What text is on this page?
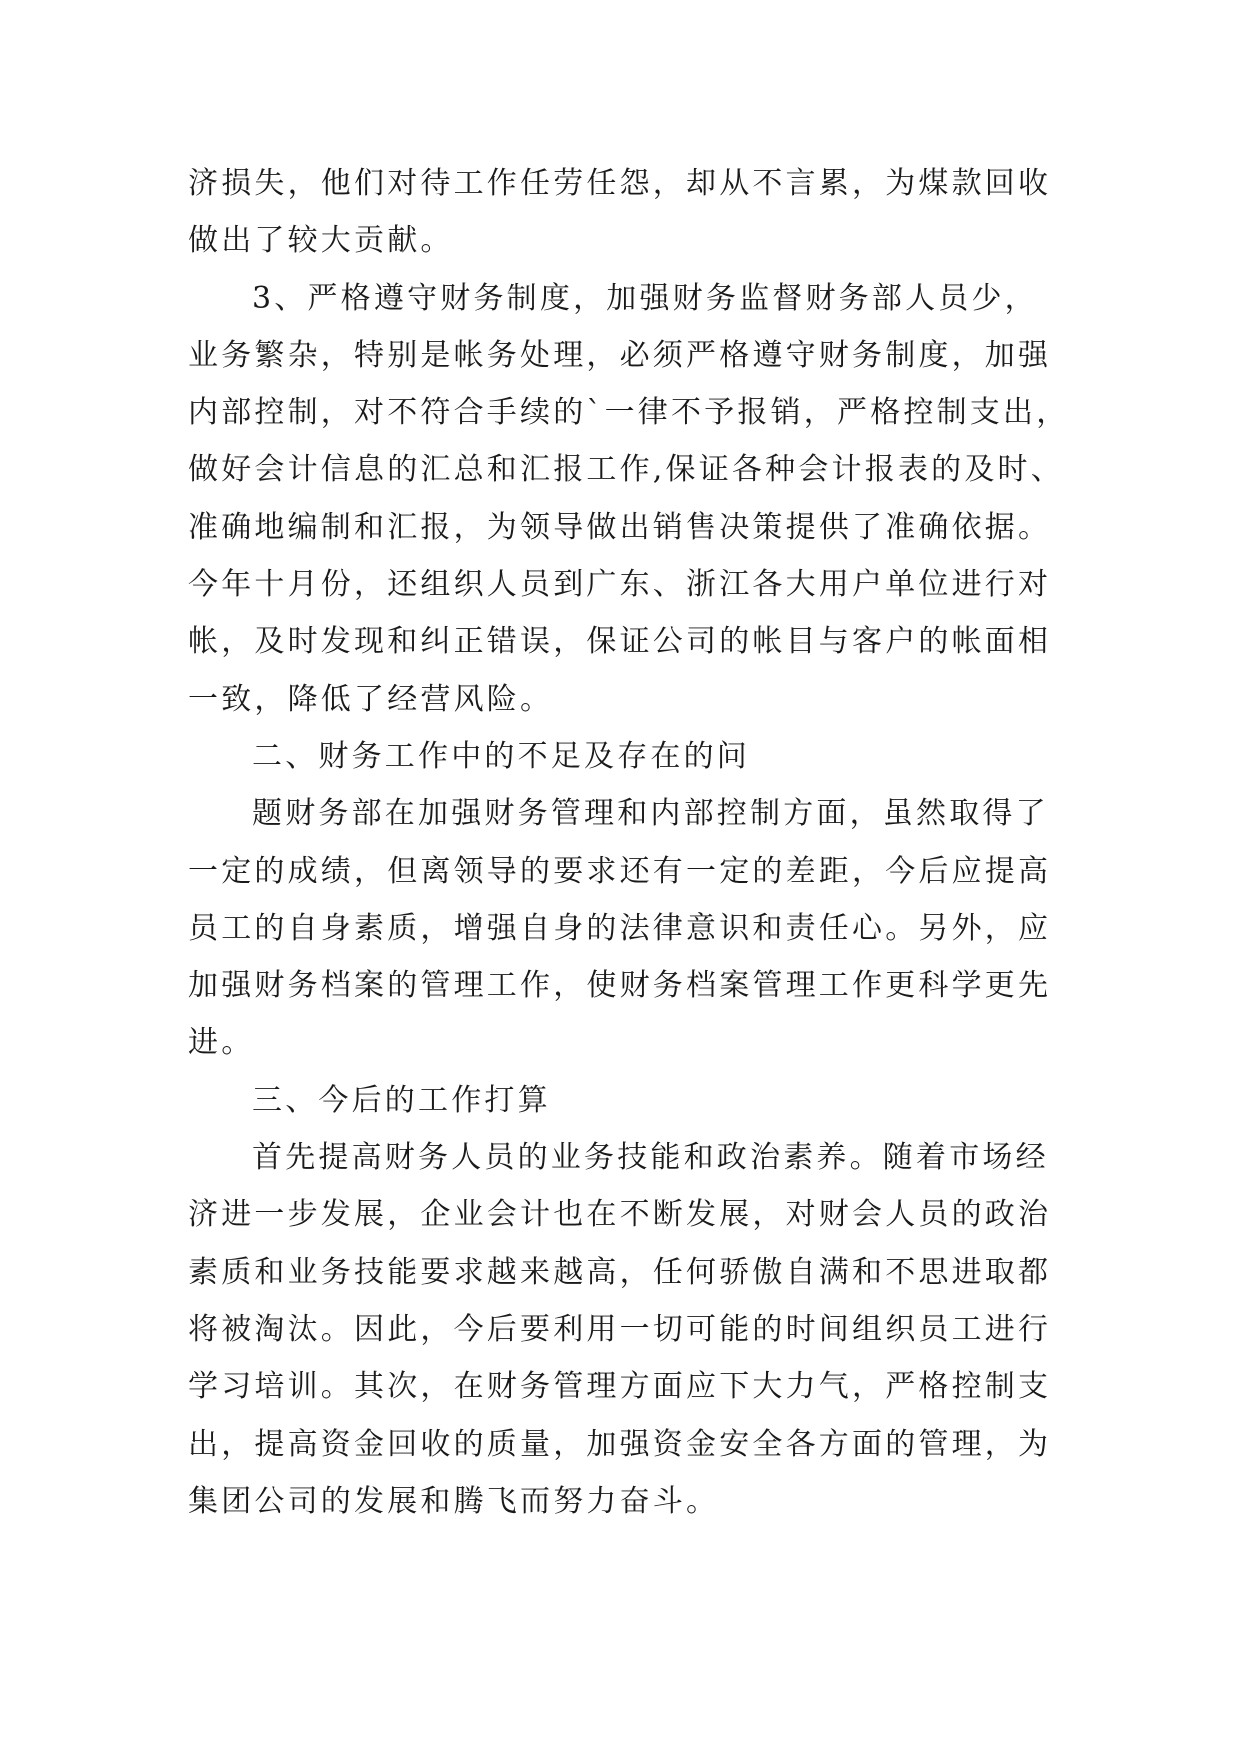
济损失，他们对待工作任劳任怨，却从不言累，为煤款回收
做出了较大贡献。
3、严格遵守财务制度，加强财务监督财务部人员少，
业务繁杂，特别是帐务处理，必须严格遵守财务制度，加强
内部控制，对不符合手续的`一律不予报销，严格控制支出，
做好会计信息的汇总和汇报工作,保证各种会计报表的及时、
准确地编制和汇报，为领导做出销售决策提供了准确依据。
今年十月份，还组织人员到广东、浙江各大用户单位进行对
帐，及时发现和纠正错误，保证公司的帐目与客户的帐面相
一致，降低了经营风险。
二、财务工作中的不足及存在的问
题财务部在加强财务管理和内部控制方面，虽然取得了
一定的成绩，但离领导的要求还有一定的差距，今后应提高
员工的自身素质，增强自身的法律意识和责任心。另外，应
加强财务档案的管理工作，使财务档案管理工作更科学更先
进。
三、今后的工作打算
首先提高财务人员的业务技能和政治素养。随着市场经
济进一步发展，企业会计也在不断发展，对财会人员的政治
素质和业务技能要求越来越高，任何骄傲自满和不思进取都
将被淘汰。因此，今后要利用一切可能的时间组织员工进行
学习培训。其次，在财务管理方面应下大力气，严格控制支
出，提高资金回收的质量，加强资金安全各方面的管理，为
集团公司的发展和腾飞而努力奋斗。
